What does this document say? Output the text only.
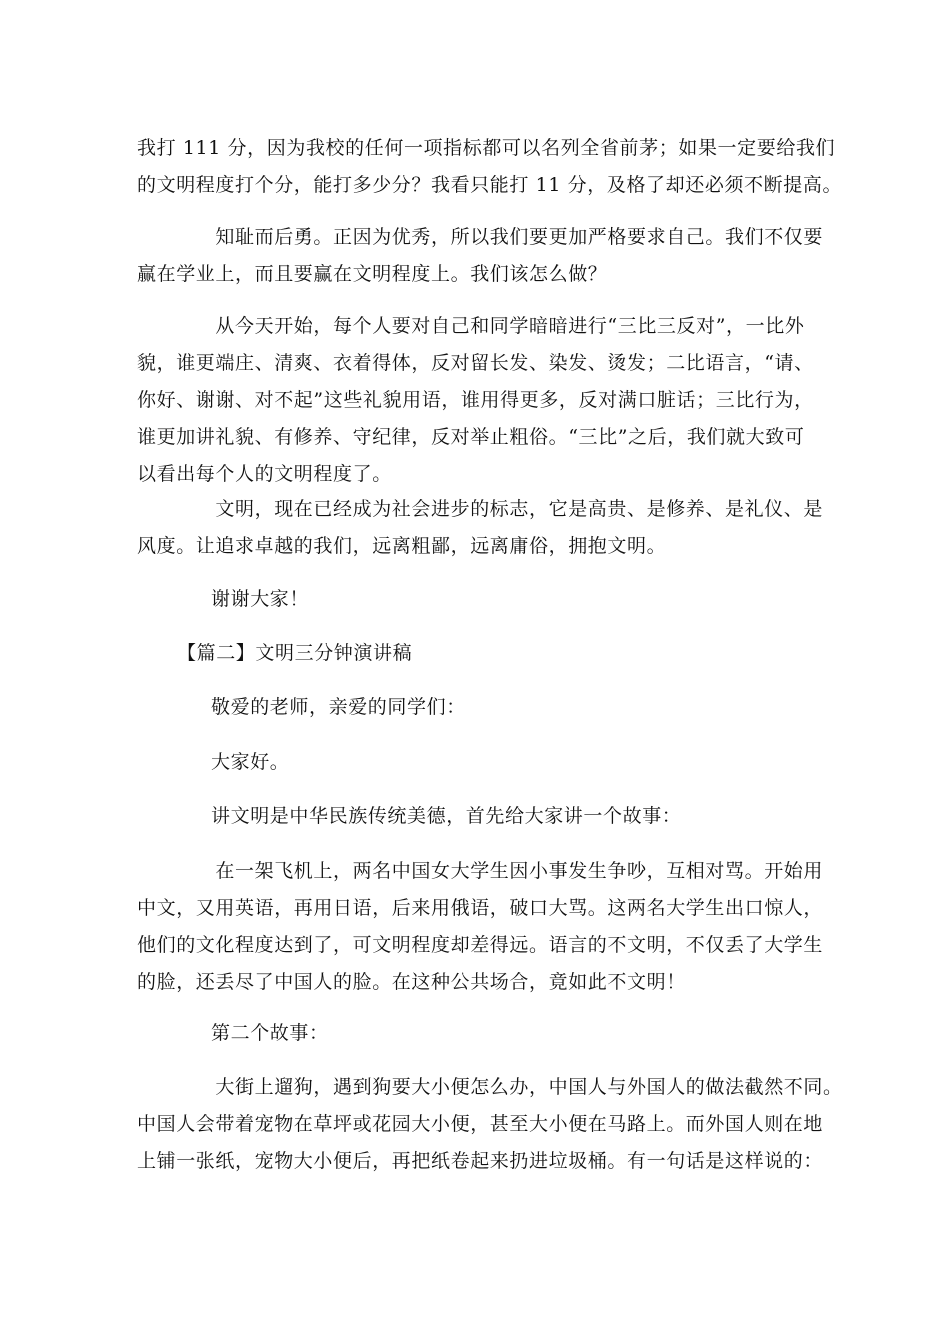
我打 111 分，因为我校的任何一项指标都可以名列全省前茅；如果一定要给我们
的文明程度打个分，能打多少分？我看只能打 11 分，及格了却还必须不断提高。

　　　　知耻而后勇。正因为优秀，所以我们要更加严格要求自己。我们不仅要
赢在学业上，而且要赢在文明程度上。我们该怎么做？

　　　　从今天开始，每个人要对自己和同学暗暗进行“三比三反对”，一比外
貌，谁更端庄、清爽、衣着得体，反对留长发、染发、烫发；二比语言，“请、
你好、谢谢、对不起”这些礼貌用语，谁用得更多，反对满口脏话；三比行为，
谁更加讲礼貌、有修养、守纪律，反对举止粗俗。“三比”之后，我们就大致可
以看出每个人的文明程度了。

　　　　文明，现在已经成为社会进步的标志，它是高贵、是修养、是礼仪、是
风度。让追求卓越的我们，远离粗鄙，远离庸俗，拥抱文明。

谢谢大家！

【篇二】文明三分钟演讲稿

敬爱的老师，亲爱的同学们：

大家好。

讲文明是中华民族传统美德，首先给大家讲一个故事：

　　　　在一架飞机上，两名中国女大学生因小事发生争吵，互相对骂。开始用
中文，又用英语，再用日语，后来用俄语，破口大骂。这两名大学生出口惊人，
他们的文化程度达到了，可文明程度却差得远。语言的不文明，不仅丢了大学生
的脸，还丢尽了中国人的脸。在这种公共场合，竟如此不文明！

第二个故事：

　　　　大街上遛狗，遇到狗要大小便怎么办，中国人与外国人的做法截然不同。
中国人会带着宠物在草坪或花园大小便，甚至大小便在马路上。而外国人则在地
上铺一张纸，宠物大小便后，再把纸卷起来扔进垃圾桶。有一句话是这样说的：
